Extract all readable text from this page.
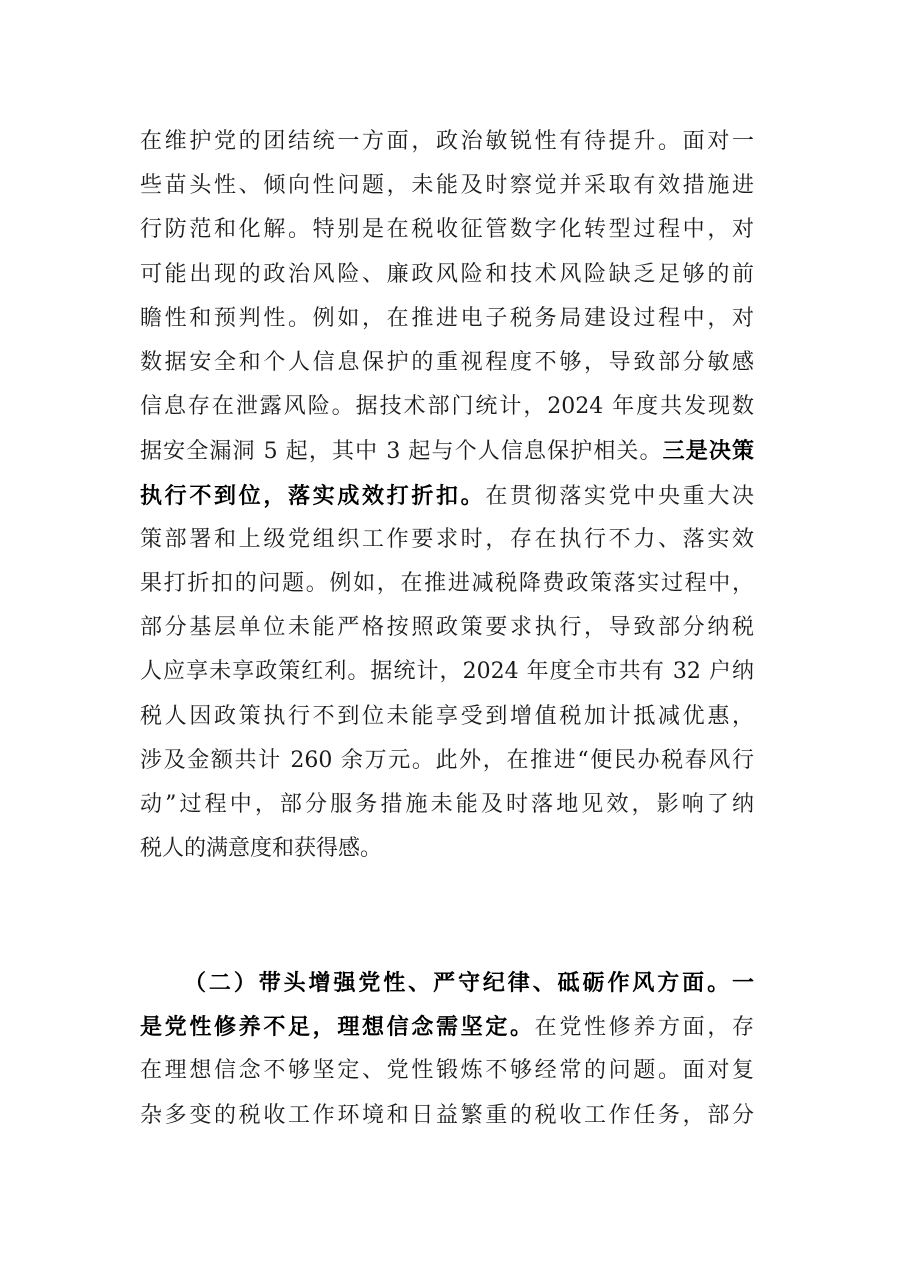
在维护党的团结统一方面，政治敏锐性有待提升。面对一
些苗头性、倾向性问题，未能及时察觉并采取有效措施进
行防范和化解。特别是在税收征管数字化转型过程中，对
可能出现的政治风险、廉政风险和技术风险缺乏足够的前
瞻性和预判性。例如，在推进电子税务局建设过程中，对
数据安全和个人信息保护的重视程度不够，导致部分敏感
信息存在泄露风险。据技术部门统计，2024 年度共发现数
据安全漏洞 5 起，其中 3 起与个人信息保护相关。三是决策
执行不到位，落实成效打折扣。在贯彻落实党中央重大决
策部署和上级党组织工作要求时，存在执行不力、落实效
果打折扣的问题。例如，在推进减税降费政策落实过程中，
部分基层单位未能严格按照政策要求执行，导致部分纳税
人应享未享政策红利。据统计，2024 年度全市共有 32 户纳
税人因政策执行不到位未能享受到增值税加计抵减优惠，
涉及金额共计 260 余万元。此外，在推进“便民办税春风行
动”过程中，部分服务措施未能及时落地见效，影响了纳
税人的满意度和获得感。
（二）带头增强党性、严守纪律、砥砺作风方面。一
是党性修养不足，理想信念需坚定。在党性修养方面，存
在理想信念不够坚定、党性锻炼不够经常的问题。面对复
杂多变的税收工作环境和日益繁重的税收工作任务，部分
